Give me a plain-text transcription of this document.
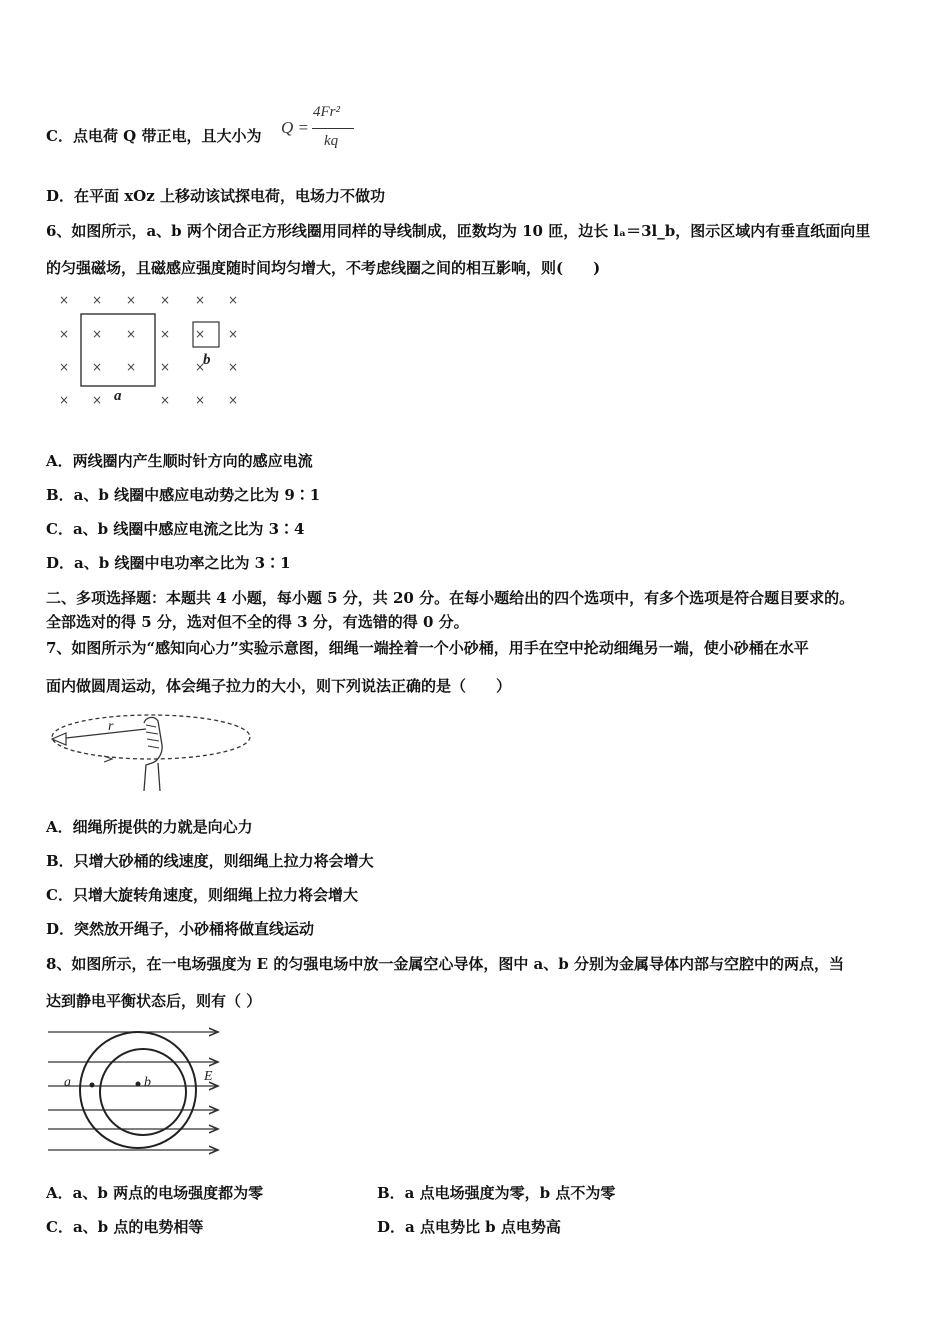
C．点电荷 Q 带正电，且大小为 Q =
4Fr²
kq
D．在平面 xOz 上移动该试探电荷，电场力不做功
6、如图所示，a、b 两个闭合正方形线圈用同样的导线制成，匝数均为 10 匝，边长 lₐ＝3l_b，图示区域内有垂直纸面向里
的匀强磁场，且磁感应强度随时间均匀增大，不考虑线圈之间的相互影响，则(　　)
× × × × × ×
× × × × × ×
× × × × × ×
× ×	× × ×
a
b
A．两线圈内产生顺时针方向的感应电流
B．a、b 线圈中感应电动势之比为 9∶1
C．a、b 线圈中感应电流之比为 3∶4
D．a、b 线圈中电功率之比为 3∶1
二、多项选择题：本题共 4 小题，每小题 5 分，共 20 分。在每小题给出的四个选项中，有多个选项是符合题目要求的。
全部选对的得 5 分，选对但不全的得 3 分，有选错的得 0 分。
7、如图所示为“感知向心力”实验示意图，细绳一端拴着一个小砂桶，用手在空中抡动细绳另一端，使小砂桶在水平
面内做圆周运动，体会绳子拉力的大小，则下列说法正确的是（　　）
r
A．细绳所提供的力就是向心力
B．只增大砂桶的线速度，则细绳上拉力将会增大
C．只增大旋转角速度，则细绳上拉力将会增大
D．突然放开绳子，小砂桶将做直线运动
8、如图所示，在一电场强度为 E 的匀强电场中放一金属空心导体，图中 a、b 分别为金属导体内部与空腔中的两点，当
达到静电平衡状态后，则有（ ）
a	b	E
A．a、b 两点的电场强度都为零	B．a 点电场强度为零，b 点不为零
C．a、b 点的电势相等	D．a 点电势比 b 点电势高
